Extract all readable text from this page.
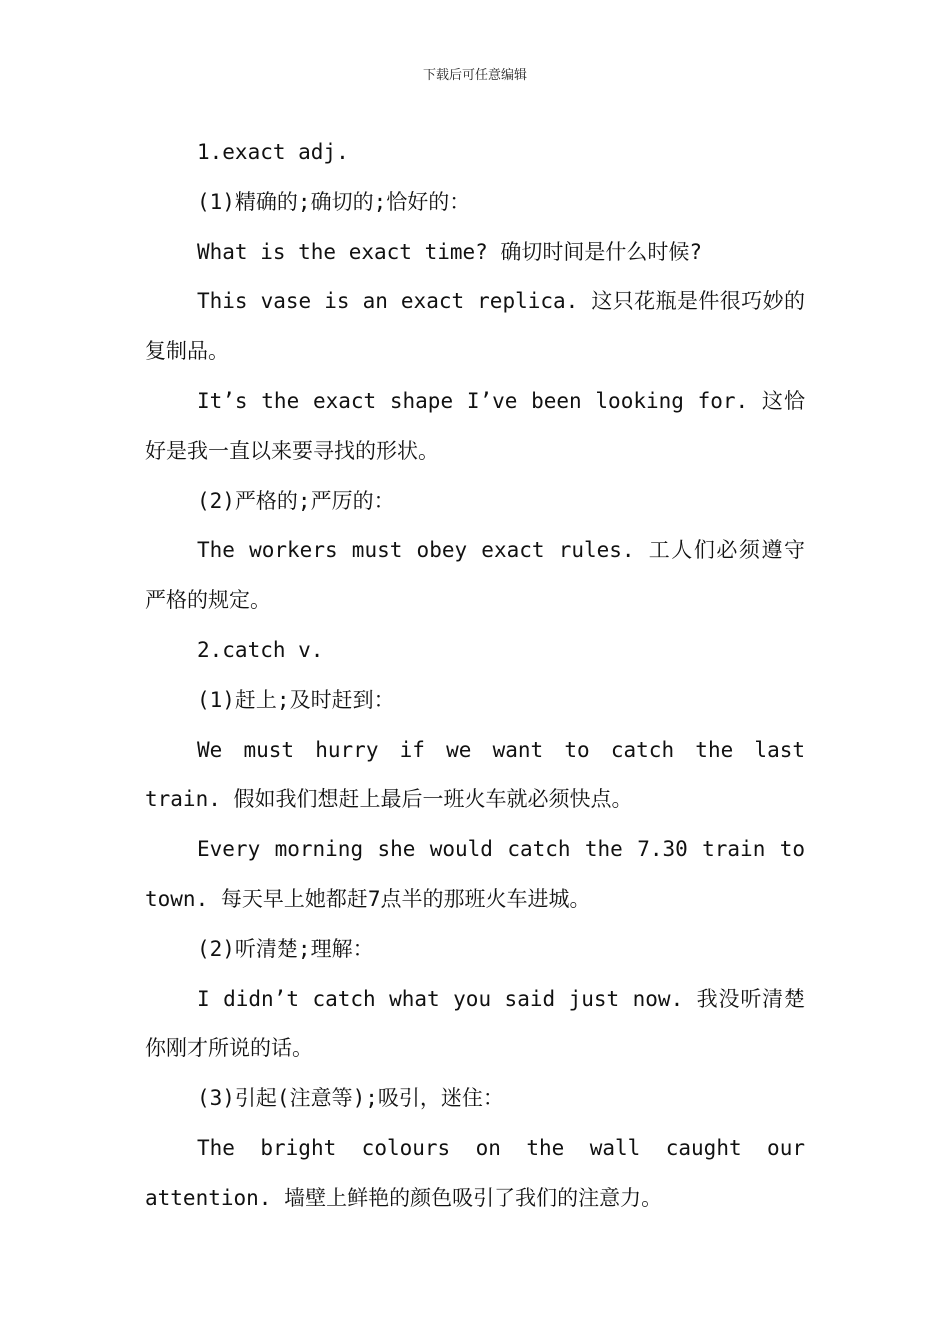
下载后可任意编辑

1.exact adj.

(1)精确的;确切的;恰好的：

What is the exact time? 确切时间是什么时候?

This vase is an exact replica. 这只花瓶是件很巧妙的复制品。

It’s the exact shape I’ve been looking for. 这恰好是我一直以来要寻找的形状。

(2)严格的;严厉的：

The workers must obey exact rules. 工人们必须遵守严格的规定。

2.catch v.

(1)赶上;及时赶到：

We must hurry if we want to catch the last train. 假如我们想赶上最后一班火车就必须快点。

Every morning she would catch the 7.30 train to town. 每天早上她都赶7点半的那班火车进城。

(2)听清楚;理解：

I didn’t catch what you said just now. 我没听清楚你刚才所说的话。

(3)引起(注意等);吸引，迷住：

The bright colours on the wall caught our attention. 墙壁上鲜艳的颜色吸引了我们的注意力。
